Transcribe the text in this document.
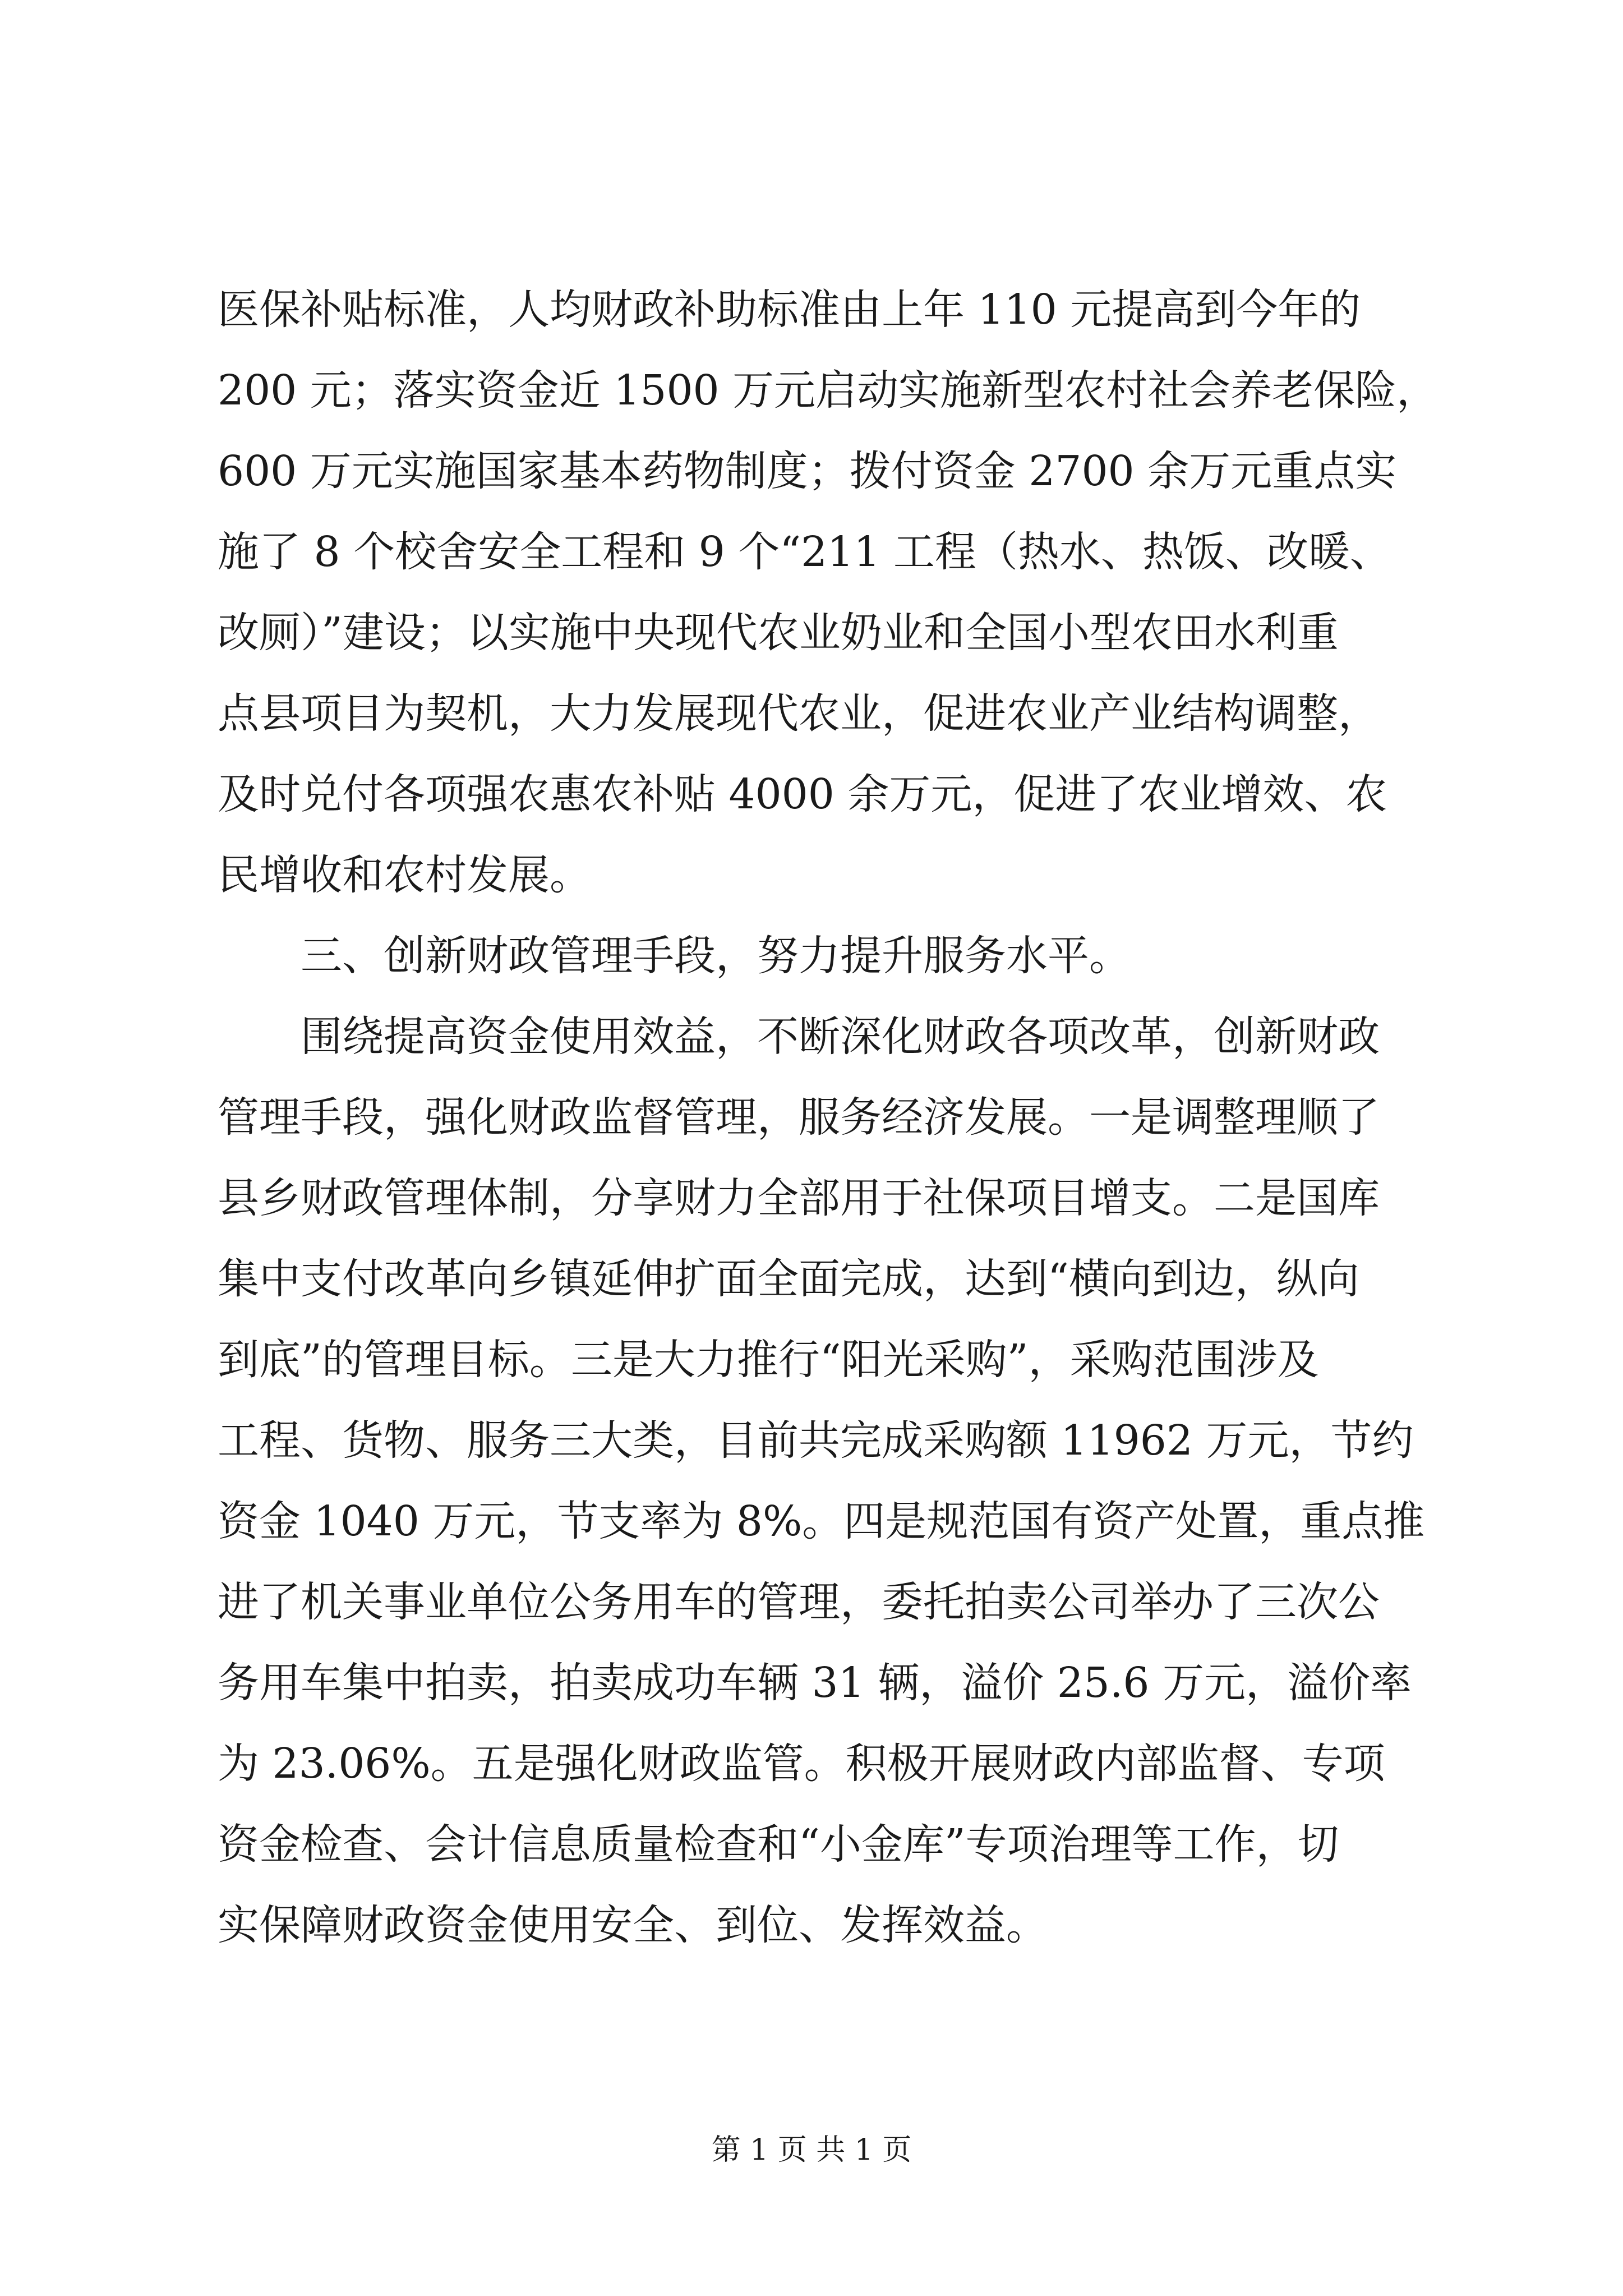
医保补贴标准，人均财政补助标准由上年 110 元提高到今年的
200 元；落实资金近 1500 万元启动实施新型农村社会养老保险，
600 万元实施国家基本药物制度；拨付资金 2700 余万元重点实
施了 8 个校舍安全工程和 9 个“211 工程（热水、热饭、改暖、
改厕）”建设；以实施中央现代农业奶业和全国小型农田水利重
点县项目为契机，大力发展现代农业，促进农业产业结构调整，
及时兑付各项强农惠农补贴 4000 余万元，促进了农业增效、农
民增收和农村发展。
　　三、创新财政管理手段，努力提升服务水平。
　　围绕提高资金使用效益，不断深化财政各项改革，创新财政
管理手段，强化财政监督管理，服务经济发展。一是调整理顺了
县乡财政管理体制，分享财力全部用于社保项目增支。二是国库
集中支付改革向乡镇延伸扩面全面完成，达到“横向到边，纵向
到底”的管理目标。三是大力推行“阳光采购”，采购范围涉及
工程、货物、服务三大类，目前共完成采购额 11962 万元，节约
资金 1040 万元，节支率为 8%。四是规范国有资产处置，重点推
进了机关事业单位公务用车的管理，委托拍卖公司举办了三次公
务用车集中拍卖，拍卖成功车辆 31 辆，溢价 25.6 万元，溢价率
为 23.06%。五是强化财政监管。积极开展财政内部监督、专项
资金检查、会计信息质量检查和“小金库”专项治理等工作，切
实保障财政资金使用安全、到位、发挥效益。
第 1 页 共 1 页
